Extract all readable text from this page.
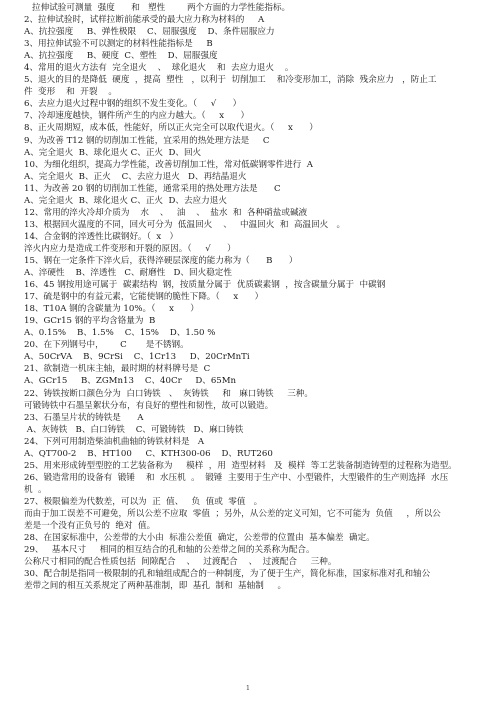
拉伸试验可测量  强度      和   塑性        两个方面的力学性能指标。
2、拉伸试验时，试样拉断前能承受的最大应力称为材料的     A
A、抗拉强度     B、弹性极限    C、屈服强度    D、条件屈服应力
3、用拉伸试验不可以测定的材料性能指标是     B
A、抗拉强度     B、硬度  C、塑性    D、屈服强度
4、常用的退火方法有  完全退火    、  球化退火    和  去应力退火    。
5、退火的目的是降低  硬度  ，提高  塑性   ，以利于  切削加工    和冷变形加工，消除  残余应力   ，防止工
件  变形    和  开裂    。
6、去应力退火过程中钢的组织不发生变化。（     √      ）
7、冷却速度越快，钢件所产生的内应力越大。（     x      ）
8、正火周期短，成本低，性能好，所以正火完全可以取代退火。（     x      ）
9、为改善 T12 钢的切削加工性能，宜采用的热处理方法是     C
A、完全退火  B、球化退火 C、正火  D、回火
10、为细化组织，提高力学性能，改善切削加工性，常对低碳钢零件进行  A
A、完全退火  B、正火    C、去应力退火   D、再结晶退火
11、为改善 20 钢的切削加工性能，通常采用的热处理方法是      C
A、完全退火  B、球化退火 C、正火  D、去应力退火
12、常用的淬火冷却介质为    水    、   油    、  盐水  和  各种硝盐或碱液
13、根据回火温度的不同，回火可分为  低温回火    、   中温回火  和  高温回火   。
14、合金钢的淬透性比碳钢好。（  x   ）
淬火内应力是造成工件变形和开裂的原因。（     √      ）
15、钢在一定条件下淬火后，获得淬硬层深度的能力称为（      B      ）
A、淬硬性    B、淬透性   C、耐磨性   D、回火稳定性
16、45 钢按用途可属于  碳素结构  钢，按质量分属于  优质碳素钢  ，按含碳量分属于  中碳钢
17、硫是钢中的有益元素，它能使钢的脆性下降。（     x      ）
18、T10A 钢的含碳量为 10%。（     x      ）
19、GCr15 钢的平均含铬量为  B
A、0.15%    B、1.5%    C、15%    D、1.50 %
20、在下列钢号中，      C       是不锈钢。
A、50CrVA    B、9CrSi    C、1Cr13     D、20CrMnTi
21、欲制造一机床主轴，最时期的材料牌号是  C
A、GCr15     B、ZGMn13    C、40Cr     D、65Mn
22、铸铁按断口颜色分为  白口铸铁   、  灰铸铁     和   麻口铸铁     三种。
可锻铸铁中石墨呈絮状分布，有良好的塑性和韧性，故可以锻造。
23、石墨呈片状的铸铁是      A
A、灰铸铁   B、白口铸铁    C、可锻铸铁   D、麻口铸铁
24、下列可用制造柴油机曲轴的铸铁材料是   A
A、QT700-2    B、HT100     C、KTH300-06    D、RUT260
25、用来形成铸型型腔的工艺装备称为     模样  ，用  造型材料   及  模样  等工艺装备制造铸型的过程称为造型。
26、锻造常用的设备有  锻锤    和  水压机  。  锻锤  主要用于生产中、小型锻件，大型锻件的生产则选择  水压
机  。
27、极限偏差为代数差，可以为  正  值、   负  值或  零值   。
而由于加工误差不可避免，所以公差不应取  零值  ；另外，从公差的定义可知，它不可能为  负值     ，所以公
差是一个没有正负号的  绝对  值。
28、在国家标准中，公差带的大小由  标准公差值  确定，公差带的位置由  基本偏差  确定。
29、   基本尺寸     相同的相互结合的孔和轴的公差带之间的关系称为配合。
公称尺寸相同的配合性质包括  间隙配合    、   过渡配合    、  过渡配合     三种。
30、配合制是指同一极限制的孔和轴组成配合的一种制度，为了便于生产，简化标准，国家标准对孔和轴公
差带之间的相互关系规定了两种基准制，即  基孔  制和  基轴制     。
1
